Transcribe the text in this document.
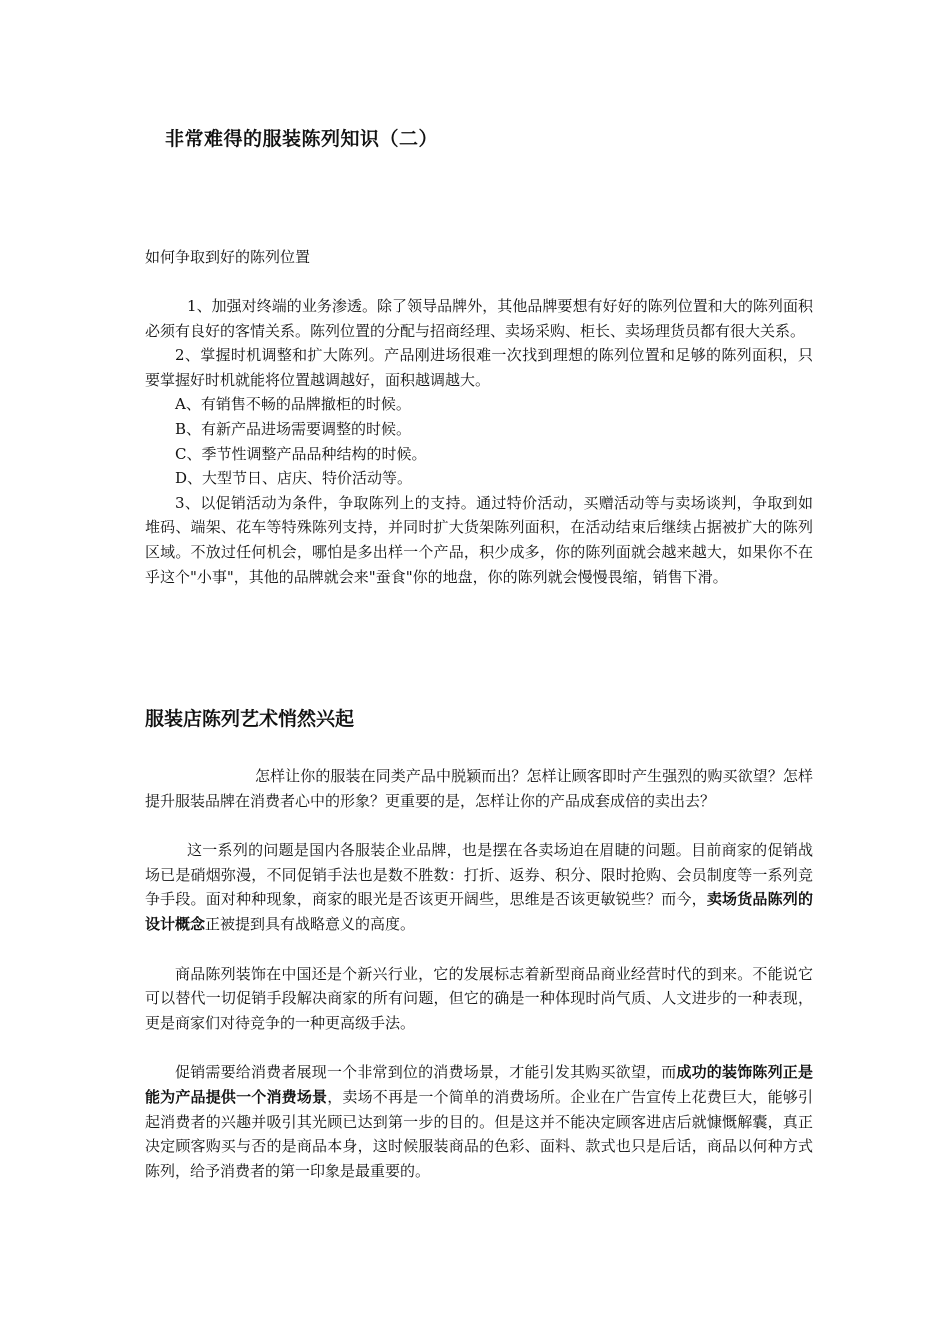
非常难得的服装陈列知识（二）
如何争取到好的陈列位置

1、加强对终端的业务渗透。除了领导品牌外，其他品牌要想有好好的陈列位置和大的陈列面积必须有良好的客情关系。陈列位置的分配与招商经理、卖场采购、柜长、卖场理货员都有很大关系。

2、掌握时机调整和扩大陈列。产品刚进场很难一次找到理想的陈列位置和足够的陈列面积，只要掌握好时机就能将位置越调越好，面积越调越大。

A、有销售不畅的品牌撤柜的时候。

B、有新产品进场需要调整的时候。

C、季节性调整产品品种结构的时候。

D、大型节日、店庆、特价活动等。

3、以促销活动为条件，争取陈列上的支持。通过特价活动，买赠活动等与卖场谈判，争取到如堆码、端架、花车等特殊陈列支持，并同时扩大货架陈列面积，在活动结束后继续占据被扩大的陈列区域。不放过任何机会，哪怕是多出样一个产品，积少成多，你的陈列面就会越来越大，如果你不在乎这个"小事"，其他的品牌就会来"蚕食"你的地盘，你的陈列就会慢慢畏缩，销售下滑。

服装店陈列艺术悄然兴起

怎样让你的服装在同类产品中脱颖而出？怎样让顾客即时产生强烈的购买欲望？怎样提升服装品牌在消费者心中的形象？更重要的是，怎样让你的产品成套成倍的卖出去？

这一系列的问题是国内各服装企业品牌，也是摆在各卖场迫在眉睫的问题。目前商家的促销战场已是硝烟弥漫，不同促销手法也是数不胜数：打折、返券、积分、限时抢购、会员制度等一系列竞争手段。面对种种现象，商家的眼光是否该更开阔些，思维是否该更敏锐些？而今，卖场货品陈列的设计概念正被提到具有战略意义的高度。

商品陈列装饰在中国还是个新兴行业，它的发展标志着新型商品商业经营时代的到来。不能说它可以替代一切促销手段解决商家的所有问题，但它的确是一种体现时尚气质、人文进步的一种表现，更是商家们对待竞争的一种更高级手法。

促销需要给消费者展现一个非常到位的消费场景，才能引发其购买欲望，而成功的装饰陈列正是能为产品提供一个消费场景，卖场不再是一个简单的消费场所。企业在广告宣传上花费巨大，能够引起消费者的兴趣并吸引其光顾已达到第一步的目的。但是这并不能决定顾客进店后就慷慨解囊，真正决定顾客购买与否的是商品本身，这时候服装商品的色彩、面料、款式也只是后话，商品以何种方式陈列，给予消费者的第一印象是最重要的。
